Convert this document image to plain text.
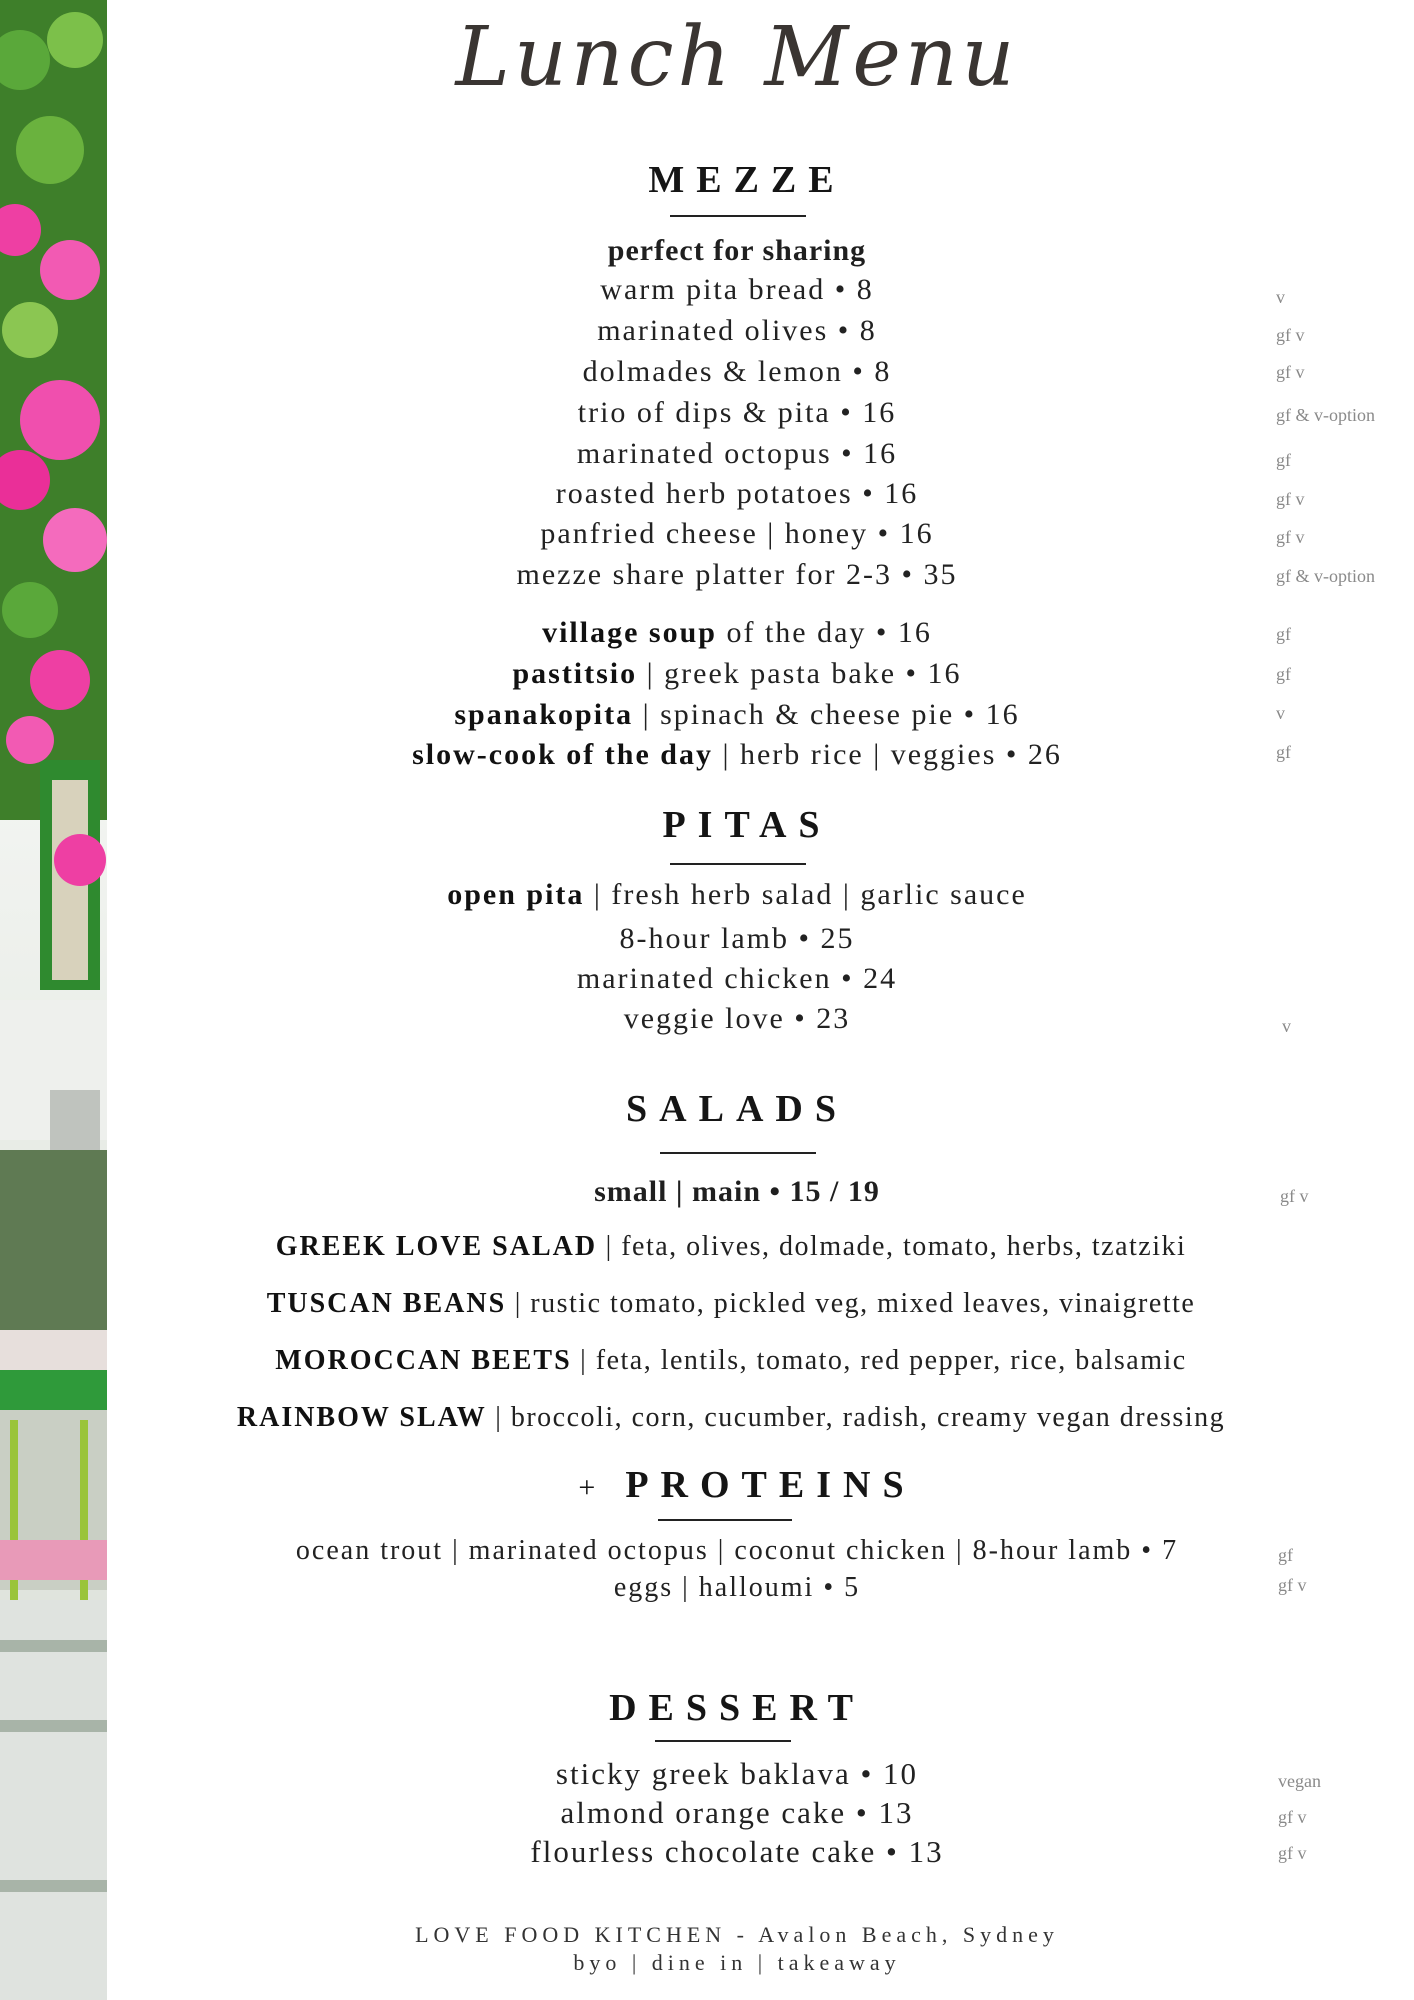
Lunch Menu
MEZZE
perfect for sharing
warm pita bread • 8
marinated olives • 8
dolmades & lemon • 8
trio of dips & pita • 16
marinated octopus • 16
roasted herb potatoes • 16
panfried cheese | honey • 16
mezze share platter for 2-3 • 35
v
gf v
gf v
gf & v-option
gf
gf v
gf v
gf & v-option
village soup of the day • 16
pastitsio | greek pasta bake • 16
spanakopita | spinach & cheese pie • 16
slow-cook of the day | herb rice | veggies • 26
gf
gf
v
gf
PITAS
open pita | fresh herb salad | garlic sauce
8-hour lamb • 25
marinated chicken • 24
veggie love • 23	v
SALADS
small | main • 15 / 19	gf v
GREEK LOVE SALAD | feta, olives, dolmade, tomato, herbs, tzatziki
TUSCAN BEANS | rustic tomato, pickled veg, mixed leaves, vinaigrette
MOROCCAN BEETS | feta, lentils, tomato, red pepper, rice, balsamic
RAINBOW SLAW | broccoli, corn, cucumber, radish, creamy vegan dressing
+ PROTEINS
ocean trout | marinated octopus | coconut chicken | 8-hour lamb • 7
eggs | halloumi • 5
gf
gf v
DESSERT
sticky greek baklava • 10
almond orange cake • 13
flourless chocolate cake • 13
vegan
gf v
gf v
LOVE FOOD KITCHEN - Avalon Beach, Sydney
byo | dine in | takeaway
